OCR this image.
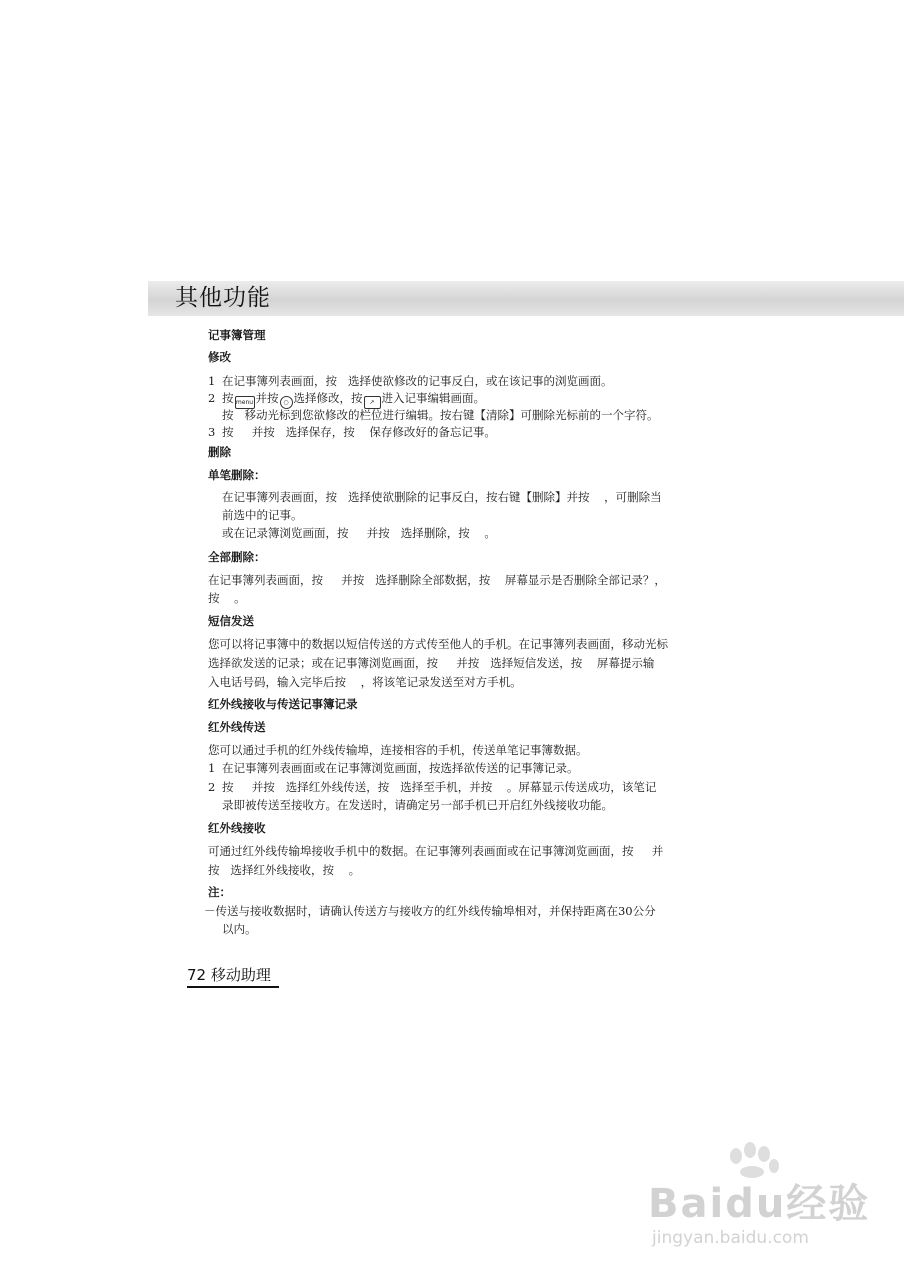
其他功能
记事簿管理
修改
1 在记事簿列表画面，按   选择使欲修改的记事反白，或在该记事的浏览画面。
2 按 menu 并按 ○ 选择修改，按 ↗ 进入记事编辑画面。
按   移动光标到您欲修改的栏位进行编辑。按右键【清除】可删除光标前的一个字符。
3 按     并按   选择保存，按    保存修改好的备忘记事。
删除
单笔删除：
在记事簿列表画面，按   选择使欲删除的记事反白，按右键【删除】并按    ，可删除当
前选中的记事。
或在记录簿浏览画面，按     并按   选择删除，按    。
全部删除：
在记事簿列表画面，按     并按   选择删除全部数据，按    屏幕显示是否删除全部记录？，
按    。
短信发送
您可以将记事簿中的数据以短信传送的方式传至他人的手机。在记事簿列表画面，移动光标
选择欲发送的记录；或在记事簿浏览画面，按     并按   选择短信发送，按    屏幕提示输
入电话号码，输入完毕后按    ，将该笔记录发送至对方手机。
红外线接收与传送记事簿记录
红外线传送
您可以通过手机的红外线传输埠，连接相容的手机，传送单笔记事簿数据。
1 在记事簿列表画面或在记事簿浏览画面，按选择欲传送的记事簿记录。
2 按     并按   选择红外线传送，按   选择至手机，并按    。屏幕显示传送成功，该笔记
录即被传送至接收方。在发送时，请确定另一部手机已开启红外线接收功能。
红外线接收
可通过红外线传输埠接收手机中的数据。在记事簿列表画面或在记事簿浏览画面，按     并
按   选择红外线接收，按    。
注：
－传送与接收数据时，请确认传送方与接收方的红外线传输埠相对，并保持距离在30公分
以内。
72 移动助理
Baidu经验
jingyan.baidu.com
